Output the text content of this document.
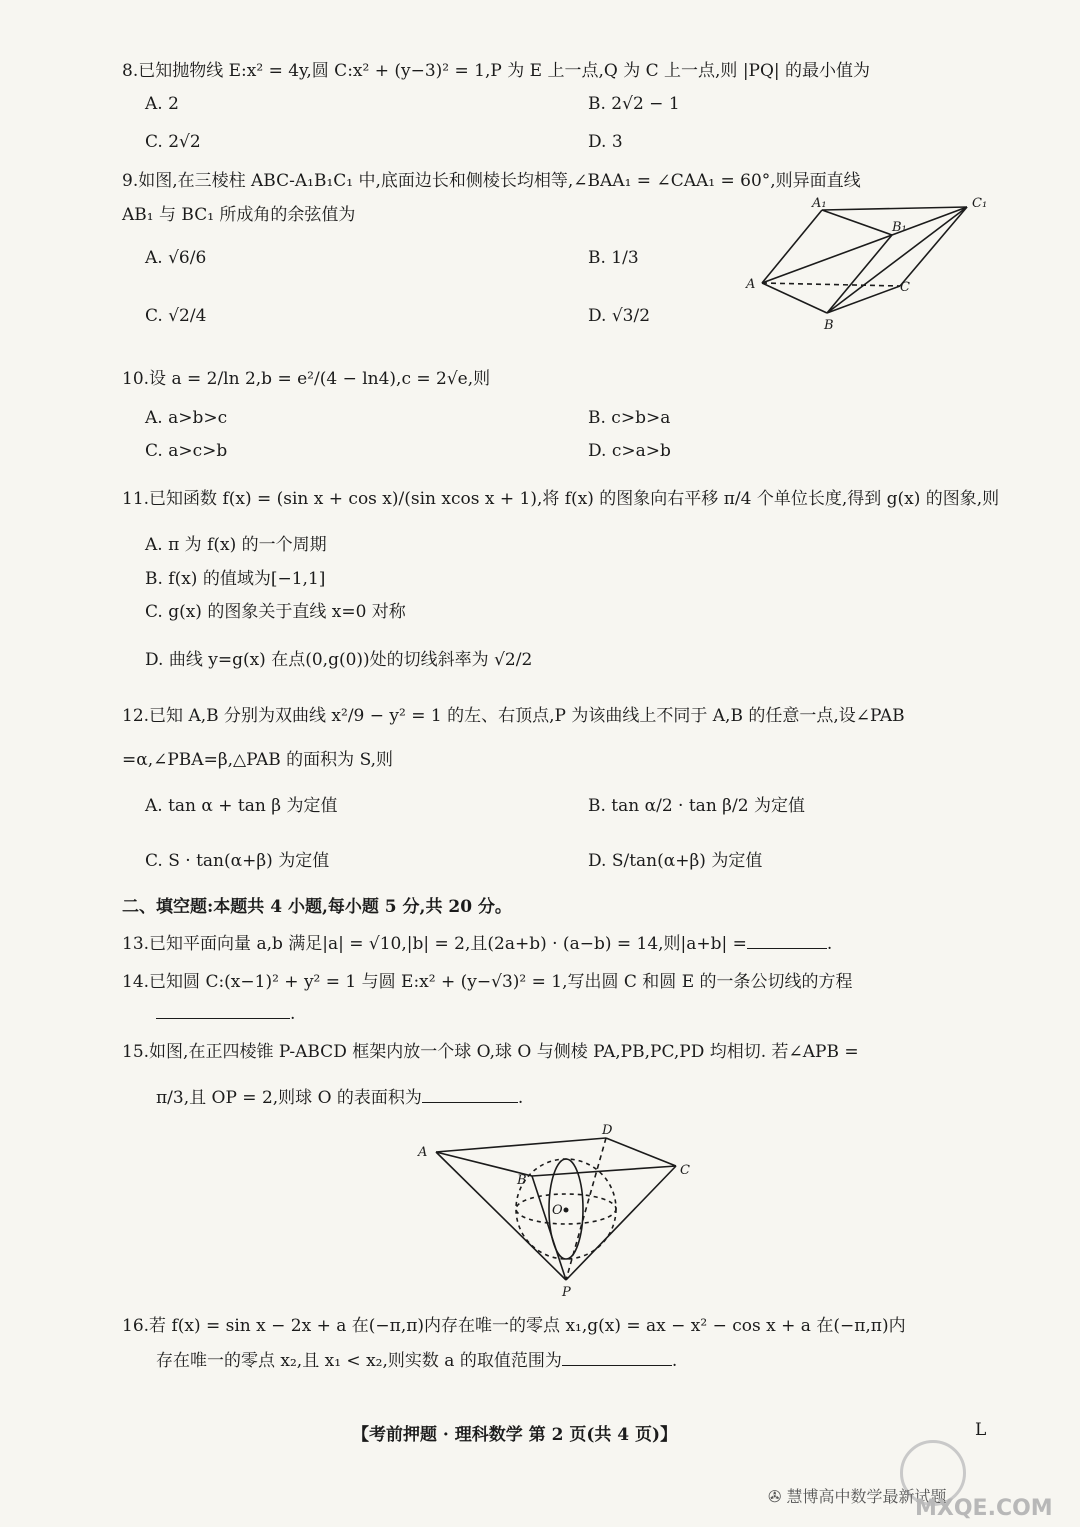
8.已知抛物线 E:x² = 4y,圆 C:x² + (y−3)² = 1,P 为 E 上一点,Q 为 C 上一点,则 |PQ| 的最小值为
A. 2	B. 2√2 − 1
C. 2√2	D. 3
9.如图,在三棱柱 ABC-A₁B₁C₁ 中,底面边长和侧棱长均相等,∠BAA₁ = ∠CAA₁ = 60°,则异面直线
AB₁ 与 BC₁ 所成角的余弦值为
A. √6/6	B. 1/3
C. √2/4	D. √3/2
A
B
C
A₁
B₁
C₁
10.设 a = 2/ln 2,b = e²/(4 − ln4),c = 2√e,则
A. a>b>c	B. c>b>a
C. a>c>b	D. c>a>b
11.已知函数 f(x) = (sin x + cos x)/(sin xcos x + 1),将 f(x) 的图象向右平移 π/4 个单位长度,得到 g(x) 的图象,则
A. π 为 f(x) 的一个周期
B. f(x) 的值域为[−1,1]
C. g(x) 的图象关于直线 x=0 对称
D. 曲线 y=g(x) 在点(0,g(0))处的切线斜率为 √2/2
12.已知 A,B 分别为双曲线 x²/9 − y² = 1 的左、右顶点,P 为该曲线上不同于 A,B 的任意一点,设∠PAB
=α,∠PBA=β,△PAB 的面积为 S,则
A. tan α + tan β 为定值	B. tan α/2 · tan β/2 为定值
C. S · tan(α+β) 为定值	D. S/tan(α+β) 为定值
二、填空题:本题共 4 小题,每小题 5 分,共 20 分。
13.已知平面向量 a,b 满足|a| = √10,|b| = 2,且(2a+b) · (a−b) = 14,则|a+b| =	.
14.已知圆 C:(x−1)² + y² = 1 与圆 E:x² + (y−√3)² = 1,写出圆 C 和圆 E 的一条公切线的方程
.
15.如图,在正四棱锥 P-ABCD 框架内放一个球 O,球 O 与侧棱 PA,PB,PC,PD 均相切. 若∠APB =
π/3,且 OP = 2,则球 O 的表面积为	.
A
B
C
D
O
P
16.若 f(x) = sin x − 2x + a 在(−π,π)内存在唯一的零点 x₁,g(x) = ax − x² − cos x + a 在(−π,π)内
存在唯一的零点 x₂,且 x₁ < x₂,则实数 a 的取值范围为	.
【考前押题 · 理科数学 第 2 页(共 4 页)】	L
✇ 慧博高中数学最新试题
MXQE.COM
